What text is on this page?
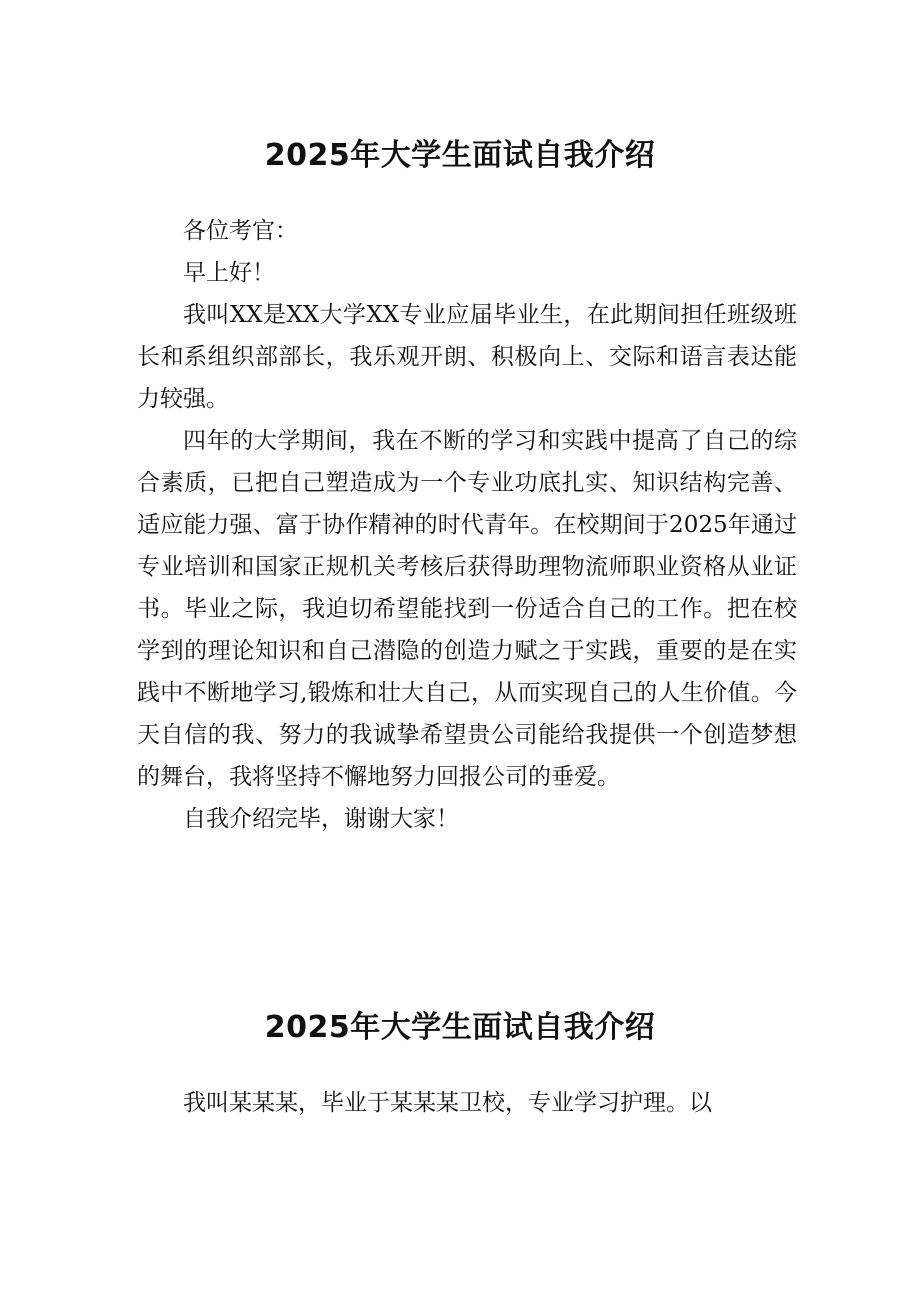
2025年大学生面试自我介绍

各位考官：

早上好！

我叫XX是XX大学XX专业应届毕业生，在此期间担任班级班长和系组织部部长，我乐观开朗、积极向上、交际和语言表达能力较强。

四年的大学期间，我在不断的学习和实践中提高了自己的综合素质，已把自己塑造成为一个专业功底扎实、知识结构完善、适应能力强、富于协作精神的时代青年。在校期间于2025年通过专业培训和国家正规机关考核后获得助理物流师职业资格从业证书。毕业之际，我迫切希望能找到一份适合自己的工作。把在校学到的理论知识和自己潜隐的创造力赋之于实践，重要的是在实践中不断地学习,锻炼和壮大自己，从而实现自己的人生价值。今天自信的我、努力的我诚挚希望贵公司能给我提供一个创造梦想的舞台，我将坚持不懈地努力回报公司的垂爱。

自我介绍完毕，谢谢大家！

2025年大学生面试自我介绍

我叫某某某，毕业于某某某卫校，专业学习护理。以
